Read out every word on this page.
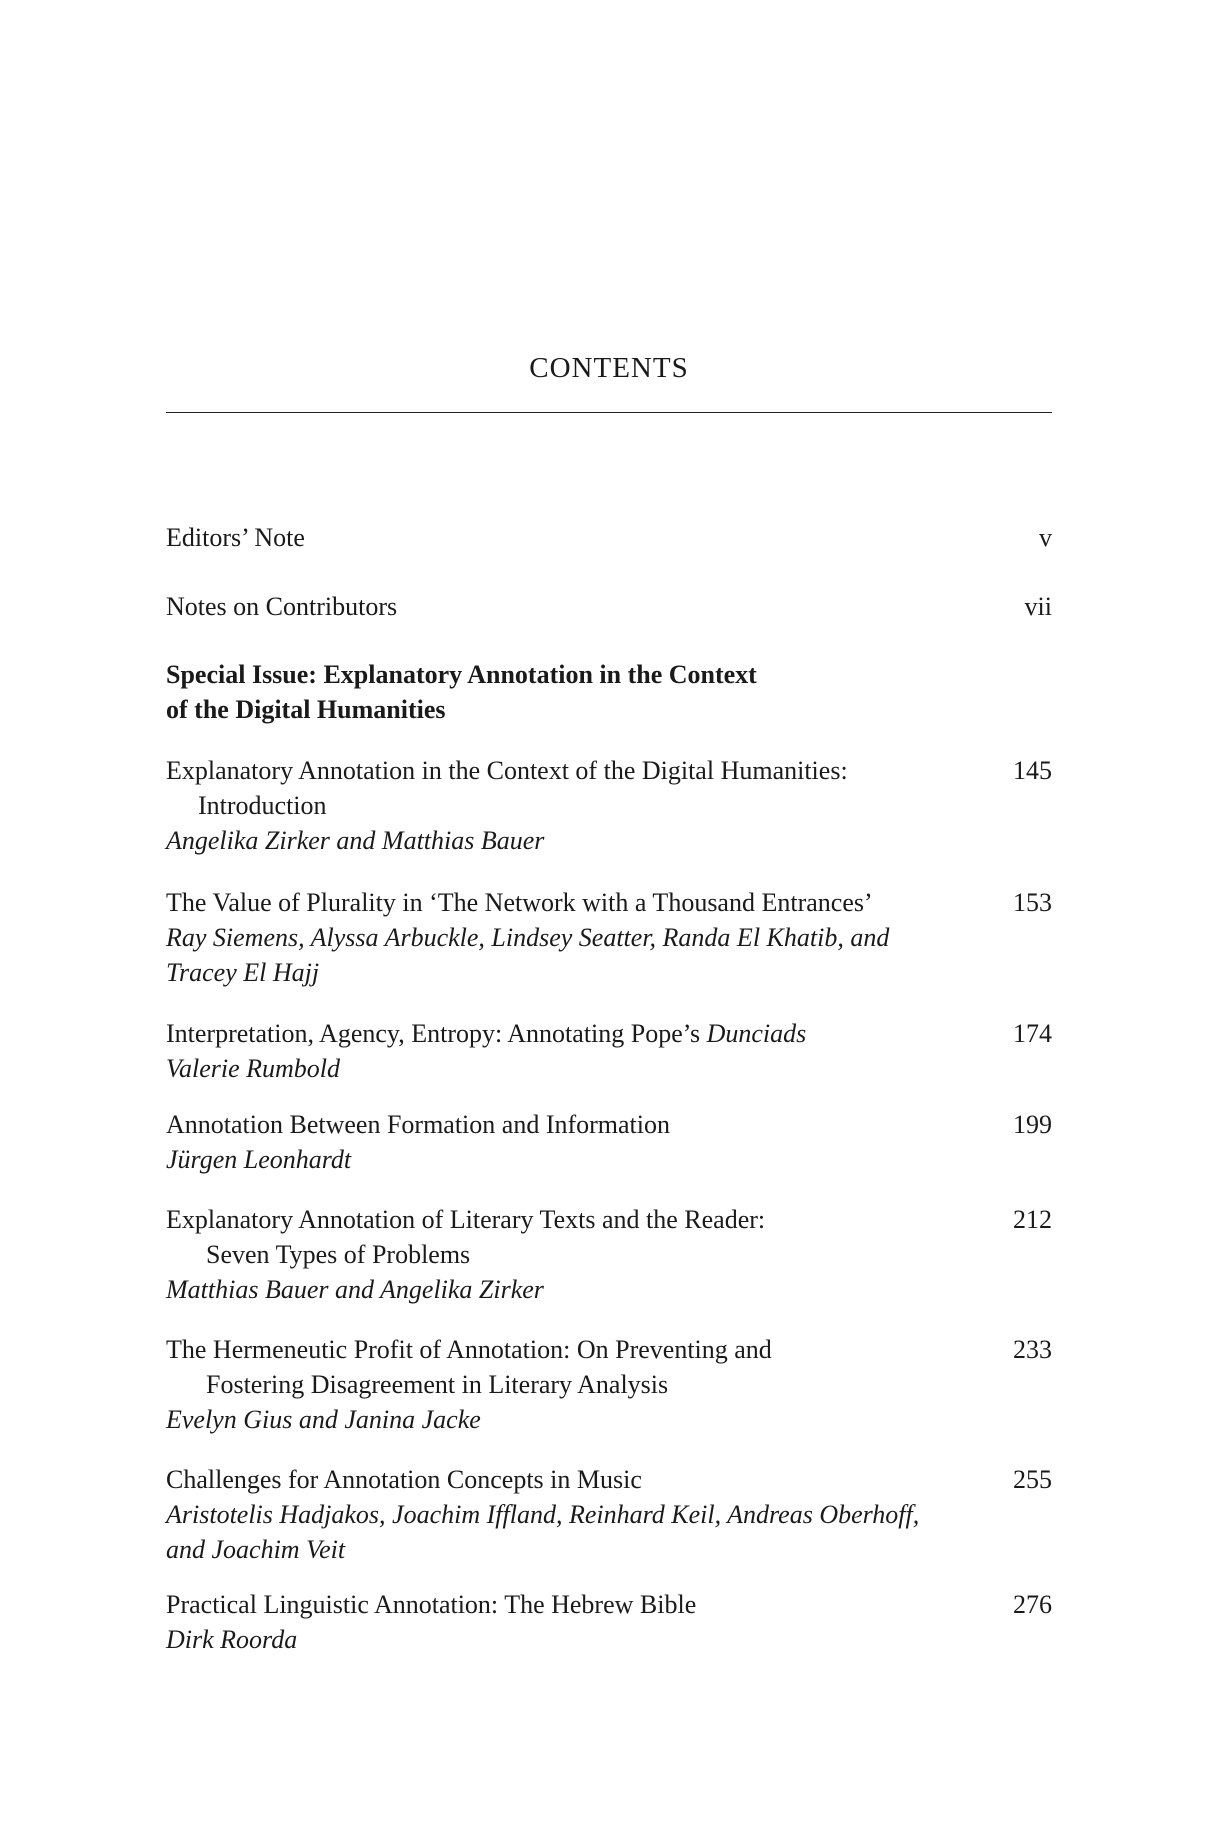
CONTENTS
Editors’ Note	v
Notes on Contributors	vii
Special Issue: Explanatory Annotation in the Context
of the Digital Humanities
Explanatory Annotation in the Context of the Digital Humanities:	145
Introduction
Angelika Zirker and Matthias Bauer
The Value of Plurality in ‘The Network with a Thousand Entrances’	153
Ray Siemens, Alyssa Arbuckle, Lindsey Seatter, Randa El Khatib, and
Tracey El Hajj
Interpretation, Agency, Entropy: Annotating Pope’s Dunciads	174
Valerie Rumbold
Annotation Between Formation and Information	199
Jürgen Leonhardt
Explanatory Annotation of Literary Texts and the Reader:	212
Seven Types of Problems
Matthias Bauer and Angelika Zirker
The Hermeneutic Profit of Annotation: On Preventing and	233
Fostering Disagreement in Literary Analysis
Evelyn Gius and Janina Jacke
Challenges for Annotation Concepts in Music	255
Aristotelis Hadjakos, Joachim Iffland, Reinhard Keil, Andreas Oberhoff,
and Joachim Veit
Practical Linguistic Annotation: The Hebrew Bible	276
Dirk Roorda
